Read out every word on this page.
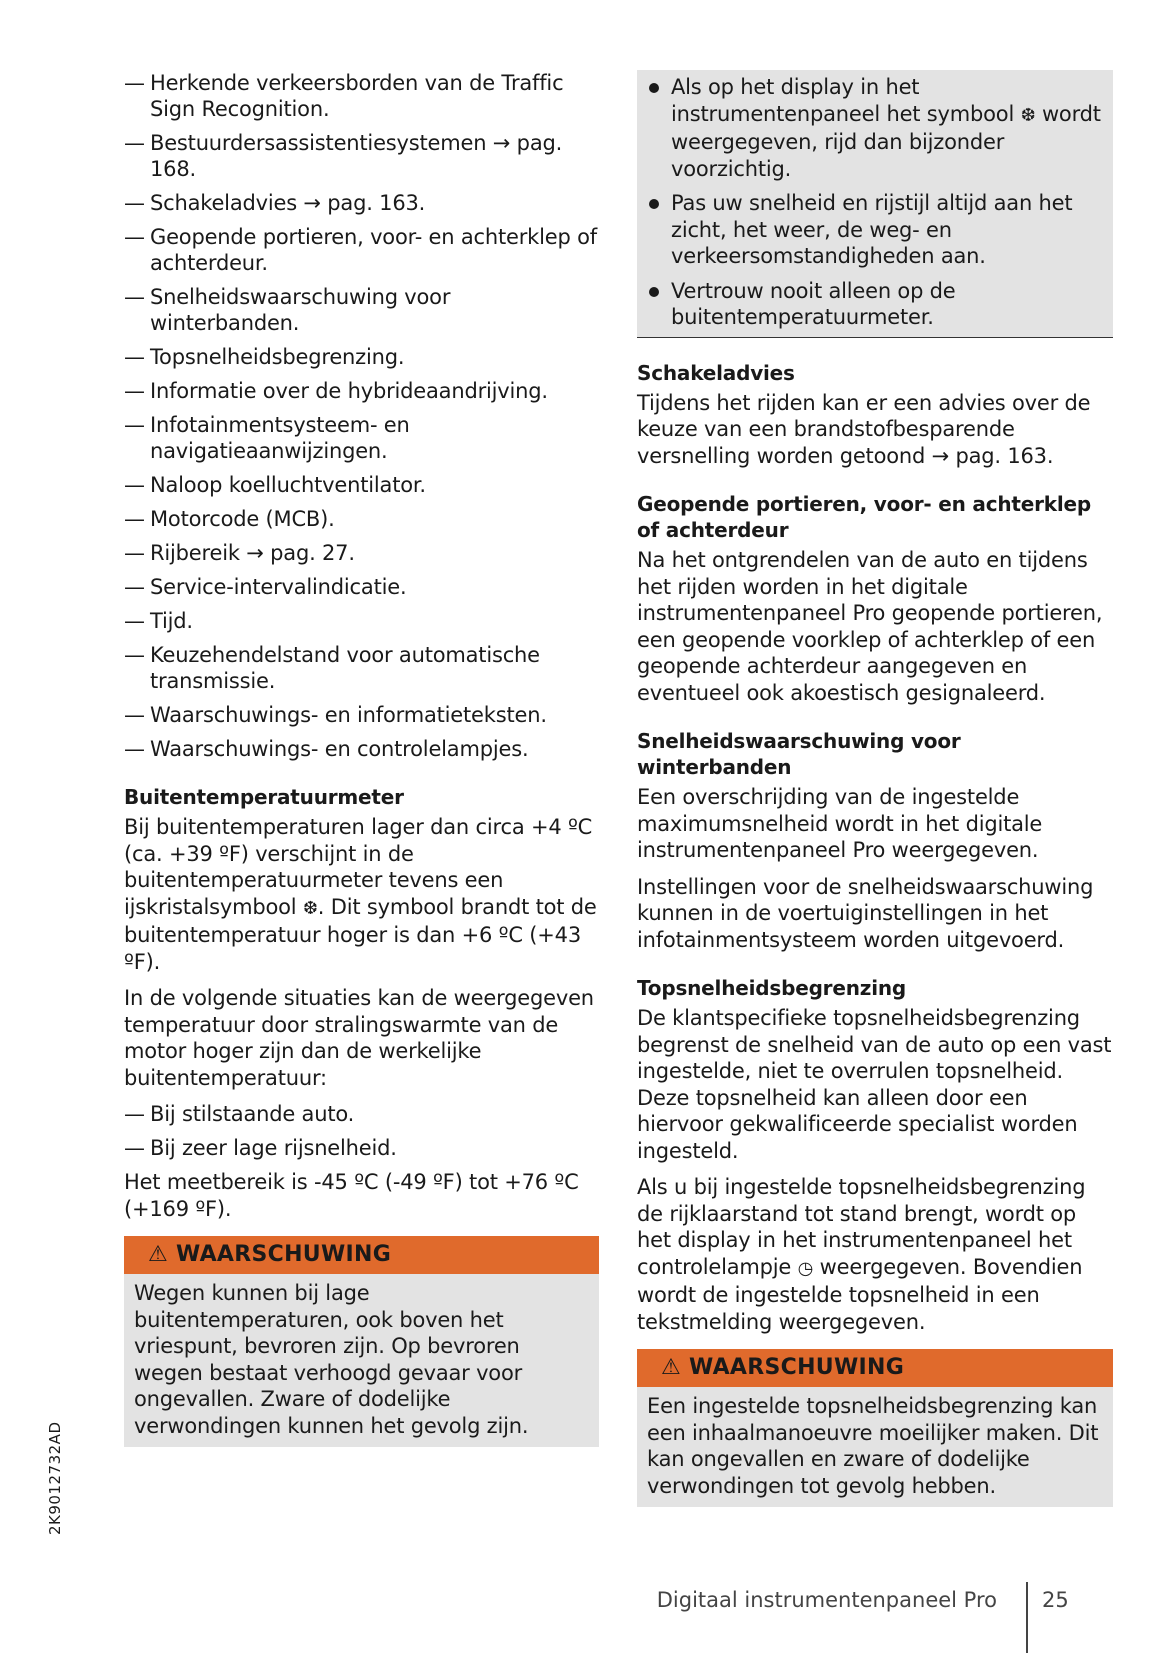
— Herkende verkeersborden van de Traffic Sign Recognition.
— Bestuurdersassistentiesystemen → pag. 168.
— Schakeladvies → pag. 163.
— Geopende portieren, voor- en achterklep of achterdeur.
— Snelheidswaarschuwing voor winterbanden.
— Topsnelheidsbegrenzing.
— Informatie over de hybrideaandrijving.
— Infotainmentsysteem- en navigatieaanwijzingen.
— Naloop koelluchtventilator.
— Motorcode (MCB).
— Rijbereik → pag. 27.
— Service-intervalindicatie.
— Tijd.
— Keuzehendelstand voor automatische transmissie.
— Waarschuwings- en informatieteksten.
— Waarschuwings- en controlelampjes.
Buitentemperatuurmeter

Bij buitentemperaturen lager dan circa +4 ºC (ca. +39 ºF) verschijnt in de buitentemperatuurmeter tevens een ijskristalsymbool ❆. Dit symbool brandt tot de buitentemperatuur hoger is dan +6 ºC (+43 ºF).

In de volgende situaties kan de weergegeven temperatuur door stralingswarmte van de motor hoger zijn dan de werkelijke buitentemperatuur:

— Bij stilstaande auto.
— Bij zeer lage rijsnelheid.

Het meetbereik is -45 ºC (-49 ºF) tot +76 ºC (+169 ºF).

⚠ WAARSCHUWING
Wegen kunnen bij lage buitentemperaturen, ook boven het vriespunt, bevroren zijn. Op bevroren wegen bestaat verhoogd gevaar voor ongevallen. Zware of dodelijke verwondingen kunnen het gevolg zijn.
Als op het display in het instrumentenpaneel het symbool ❆ wordt weergegeven, rijd dan bijzonder voorzichtig.
Pas uw snelheid en rijstijl altijd aan het zicht, het weer, de weg- en verkeersomstandigheden aan.
Vertrouw nooit alleen op de buitentemperatuurmeter.
Schakeladvies

Tijdens het rijden kan er een advies over de keuze van een brandstofbesparende versnelling worden getoond → pag. 163.

Geopende portieren, voor- en achterklep of achterdeur

Na het ontgrendelen van de auto en tijdens het rijden worden in het digitale instrumentenpaneel Pro geopende portieren, een geopende voorklep of achterklep of een geopende achterdeur aangegeven en eventueel ook akoestisch gesignaleerd.

Snelheidswaarschuwing voor winterbanden

Een overschrijding van de ingestelde maximumsnelheid wordt in het digitale instrumentenpaneel Pro weergegeven.

Instellingen voor de snelheidswaarschuwing kunnen in de voertuiginstellingen in het infotainmentsysteem worden uitgevoerd.

Topsnelheidsbegrenzing

De klantspecifieke topsnelheidsbegrenzing begrenst de snelheid van de auto op een vast ingestelde, niet te overrulen topsnelheid. Deze topsnelheid kan alleen door een hiervoor gekwalificeerde specialist worden ingesteld.

Als u bij ingestelde topsnelheidsbegrenzing de rijklaarstand tot stand brengt, wordt op het display in het instrumentenpaneel het controlelampje ◷ weergegeven. Bovendien wordt de ingestelde topsnelheid in een tekstmelding weergegeven.

⚠ WAARSCHUWING
Een ingestelde topsnelheidsbegrenzing kan een inhaalmanoeuvre moeilijker maken. Dit kan ongevallen en zware of dodelijke verwondingen tot gevolg hebben.
2K9012732AD
Digitaal instrumentenpaneel Pro 25
